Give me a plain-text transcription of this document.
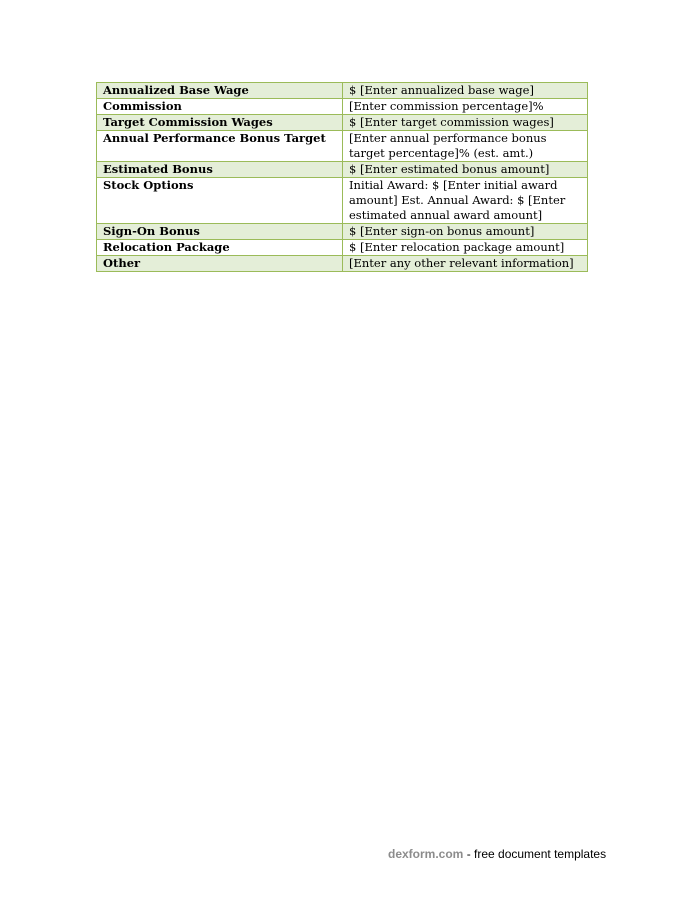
Annualized Base Wage	$ [Enter annualized base wage]
Commission	[Enter commission percentage]%
Target Commission Wages	$ [Enter target commission wages]
Annual Performance Bonus Target	[Enter annual performance bonus target percentage]% (est. amt.)
Estimated Bonus	$ [Enter estimated bonus amount]
Stock Options	Initial Award: $ [Enter initial award amount] Est. Annual Award: $ [Enter estimated annual award amount]
Sign-On Bonus	$ [Enter sign-on bonus amount]
Relocation Package	$ [Enter relocation package amount]
Other	[Enter any other relevant information]
dexform.com - free document templates
